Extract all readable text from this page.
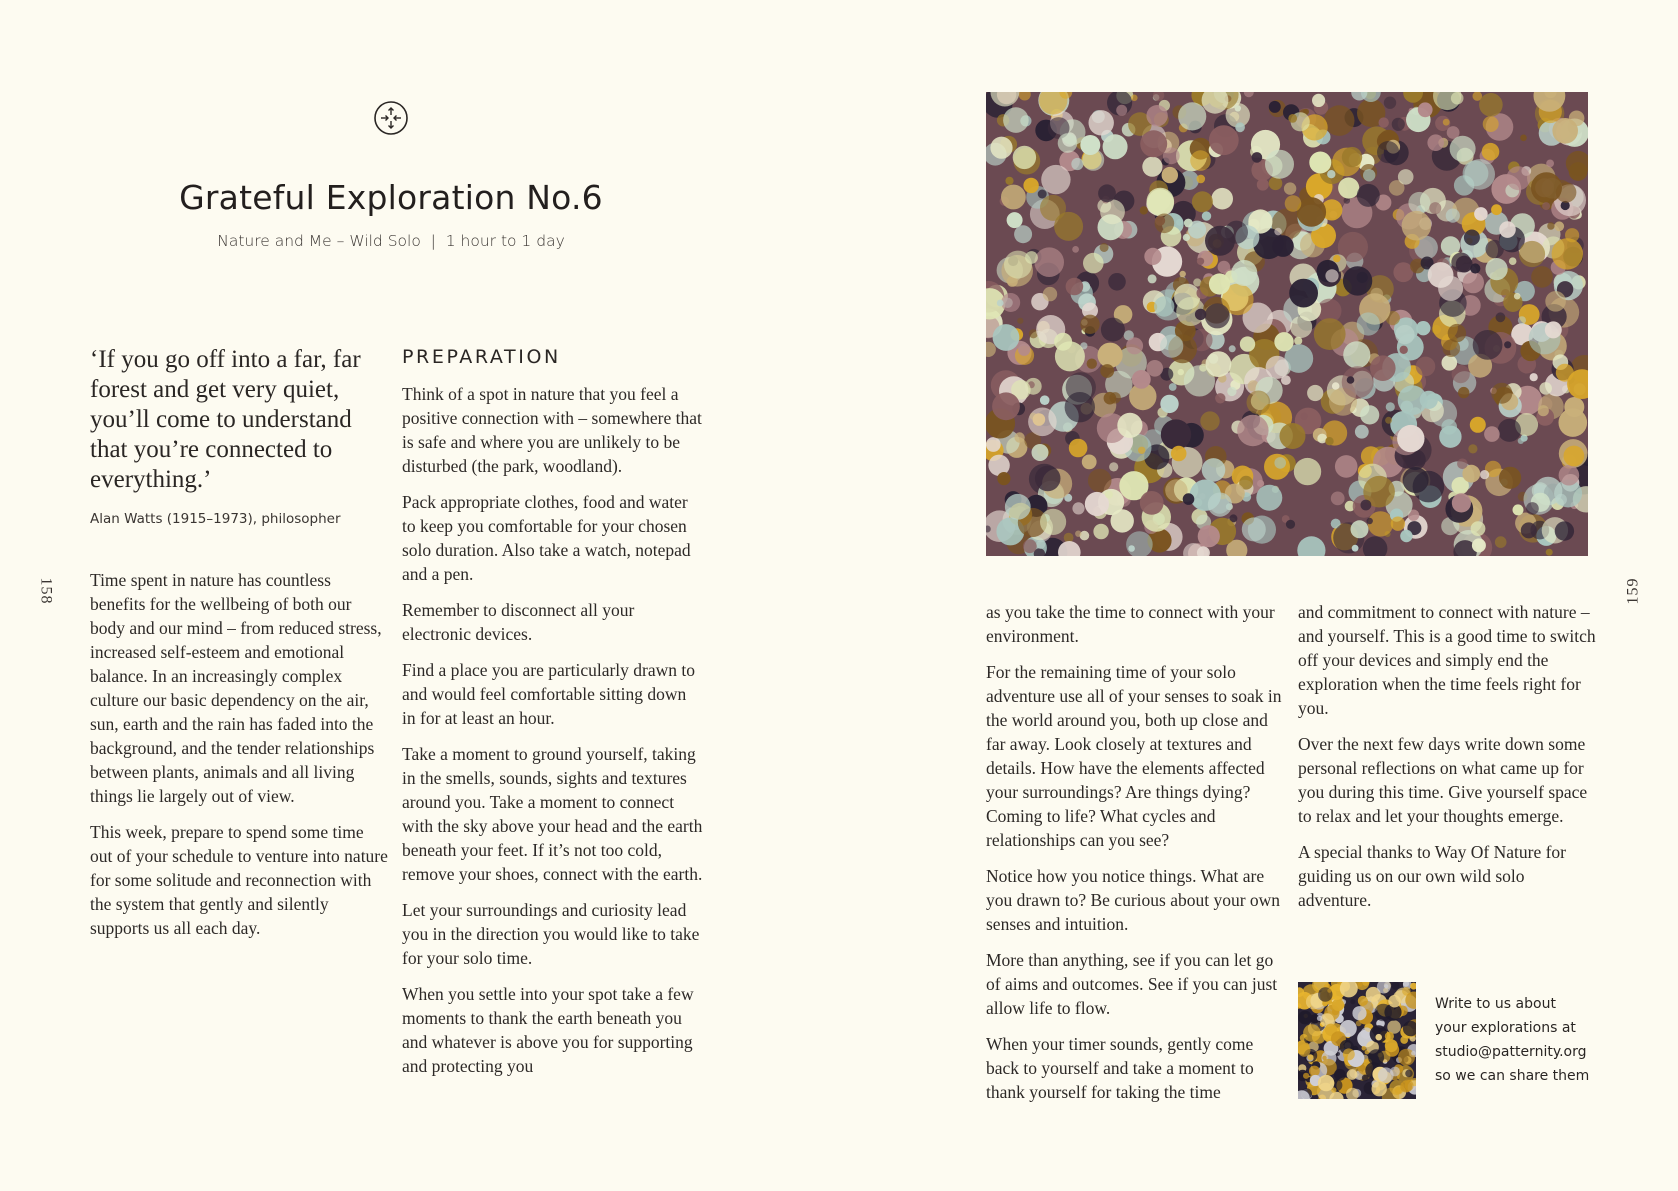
158	159
Grateful Exploration No.6
Nature and Me – Wild Solo  |  1 hour to 1 day

‘If you go off into a far, far forest and get very quiet, you’ll come to understand that you’re connected to everything.’

Alan Watts (1915–1973), philosopher

Time spent in nature has countless benefits for the wellbeing of both our body and our mind – from reduced stress, increased self-esteem and emotional balance. In an increasingly complex culture our basic dependency on the air, sun, earth and the rain has faded into the background, and the tender relationships between plants, animals and all living things lie largely out of view.

This week, prepare to spend some time out of your schedule to venture into nature for some solitude and reconnection with the system that gently and silently supports us all each day.

PREPARATION

Think of a spot in nature that you feel a positive connection with – somewhere that is safe and where you are unlikely to be disturbed (the park, woodland).

Pack appropriate clothes, food and water to keep you comfortable for your chosen solo duration. Also take a watch, notepad and a pen.

Remember to disconnect all your electronic devices.

Find a place you are particularly drawn to and would feel comfortable sitting down in for at least an hour.

Take a moment to ground yourself, taking in the smells, sounds, sights and textures around you. Take a moment to connect with the sky above your head and the earth beneath your feet. If it’s not too cold, remove your shoes, connect with the earth.

Let your surroundings and curiosity lead you in the direction you would like to take for your solo time.

When you settle into your spot take a few moments to thank the earth beneath you and whatever is above you for supporting and protecting you

as you take the time to connect with your environment.

For the remaining time of your solo adventure use all of your senses to soak in the world around you, both up close and far away. Look closely at textures and details. How have the elements affected your surroundings? Are things dying? Coming to life? What cycles and relationships can you see?

Notice how you notice things. What are you drawn to? Be curious about your own senses and intuition.

More than anything, see if you can let go of aims and outcomes. See if you can just allow life to flow.

When your timer sounds, gently come back to yourself and take a moment to thank yourself for taking the time

and commitment to connect with nature – and yourself. This is a good time to switch off your devices and simply end the exploration when the time feels right for you.

Over the next few days write down some personal reflections on what came up for you during this time. Give yourself space to relax and let your thoughts emerge.

A special thanks to Way Of Nature for guiding us on our own wild solo adventure.

Write to us about
your explorations at
studio@patternity.org
so we can share them
